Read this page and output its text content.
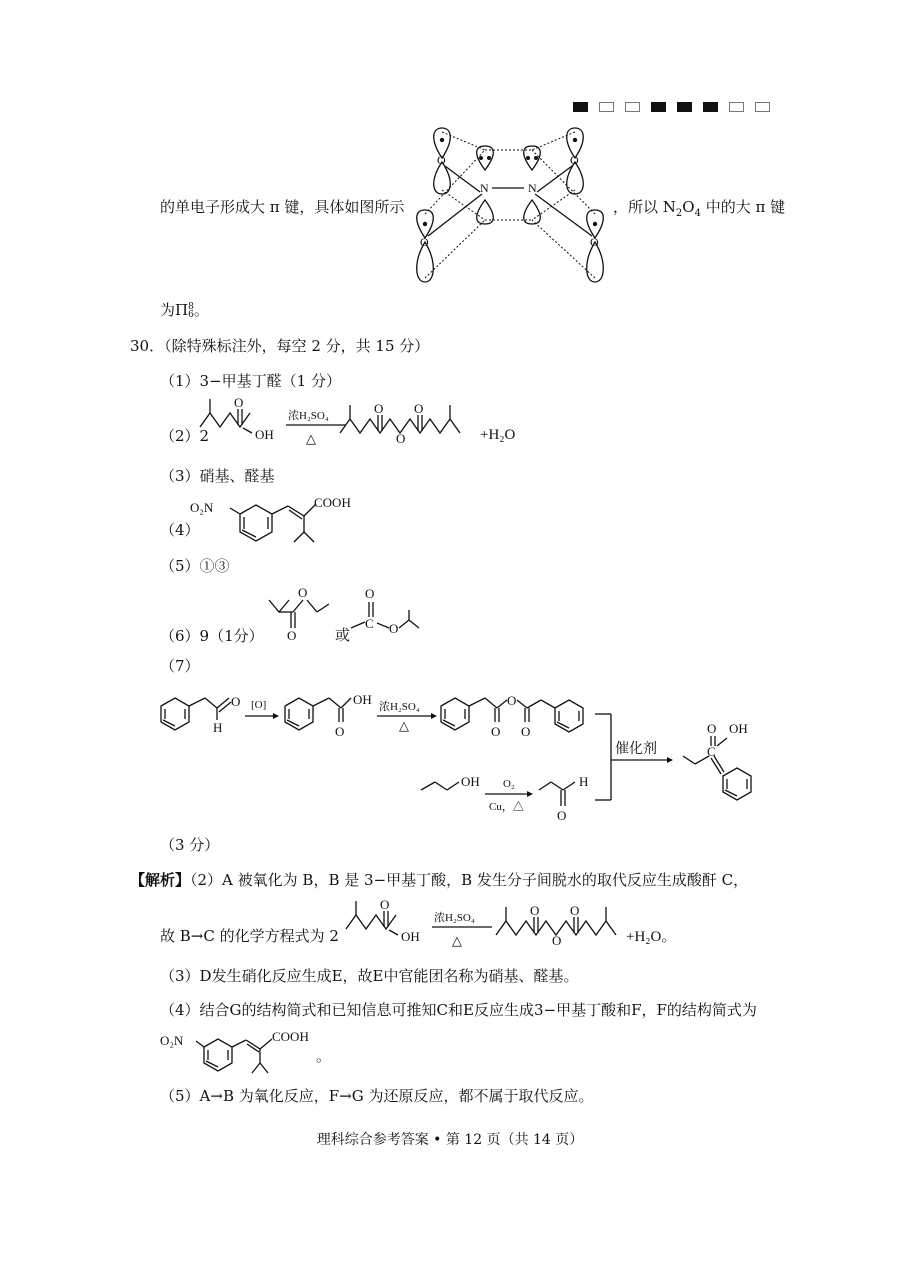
的单电子形成大 π 键，具体如图所示	，所以 $N_2O_4$ 中的大 π 键
O	O
N	N
O	O
为Π 8
6 。
30．（除特殊标注外，每空 2 分，共 15 分）
（1）3−甲基丁醛（1 分）
（2）2
O
OH
浓H₂SO₄
△
O
O
O
+H₂O
（3）硝基、醛基
（4）
O₂N	COOH
（5）①③
（6）9（1分）
O
O
O
C O
或
（7）
O
H
[O]	OH
O
浓H₂SO₄
△	O
O
O
OH O₂
Cu，△
H
O
催化剂	C
O OH
（3 分）
【解析】（2）A 被氧化为 B，B 是 3−甲基丁酸，B 发生分子间脱水的取代反应生成酸酐 C，
故 B→C 的化学方程式为 2
O
OH
浓H₂SO₄
△
O
O
O
+H₂O。
（3）D发生硝化反应生成E，故E中官能团名称为硝基、醛基。
（4）结合G的结构简式和已知信息可推知C和E反应生成3−甲基丁酸和F，F的结构简式为
O₂N	COOH
。
（5）A→B 为氧化反应，F→G 为还原反应，都不属于取代反应。
理科综合参考答案 • 第 12 页（共 14 页）
